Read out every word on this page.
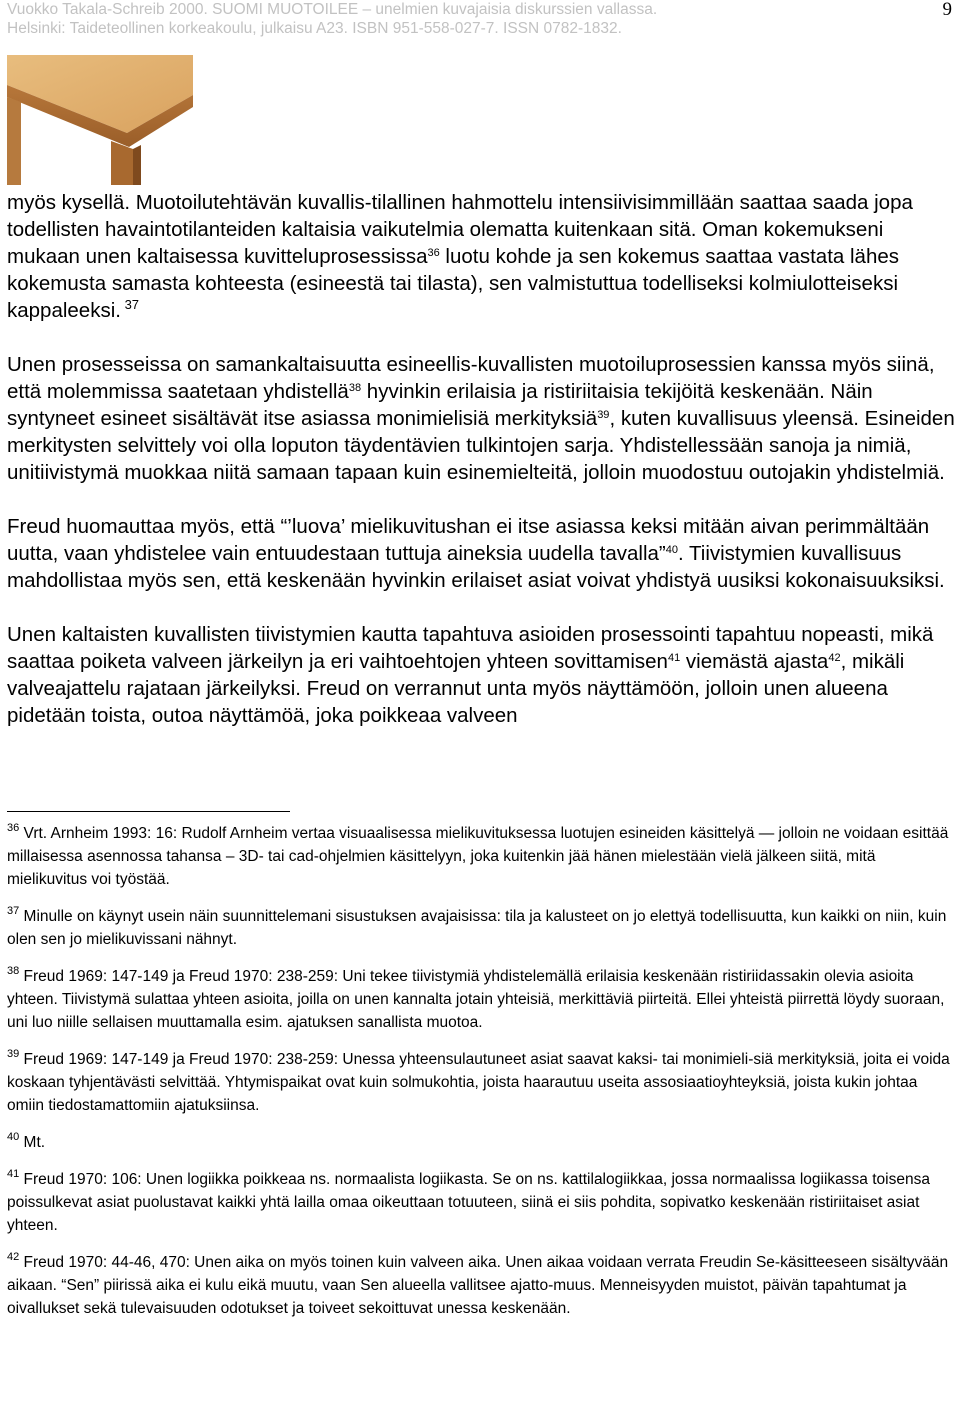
Vuokko Takala-Schreib 2000. SUOMI MUOTOILEE – unelmien kuvajaisia diskurssien vallassa.
Helsinki: Taideteollinen korkeakoulu, julkaisu A23. ISBN 951-558-027-7. ISSN 0782-1832.
9

myös kysellä. Muotoilutehtävän kuvallis-tilallinen hahmottelu intensiivisimmillään saattaa saada jopa todellisten havaintotilanteiden kaltaisia vaikutelmia olematta kuitenkaan sitä. Oman kokemukseni mukaan unen kaltaisessa kuvitteluprosessissa$^{36}$ luotu kohde ja sen kokemus saattaa vastata lähes kokemusta samasta kohteesta (esineestä tai tilasta), sen valmistuttua todelliseksi kolmiulotteiseksi kappaleeksi. $^{37}$

Unen prosesseissa on samankaltaisuutta esineellis-kuvallisten muotoiluprosessien kanssa myös siinä, että molemmissa saatetaan yhdistellä$^{38}$ hyvinkin erilaisia ja ristiriitaisia tekijöitä keskenään. Näin syntyneet esineet sisältävät itse asiassa monimielisiä merkityksiä$^{39}$, kuten kuvallisuus yleensä. Esineiden merkitysten selvittely voi olla loputon täydentävien tulkintojen sarja. Yhdistellessään sanoja ja nimiä, unitiivistymä muokkaa niitä samaan tapaan kuin esinemielteitä, jolloin muodostuu outojakin yhdistelmiä.

Freud huomauttaa myös, että “’luova’ mielikuvitushan ei itse asiassa keksi mitään aivan perimmältään uutta, vaan yhdistelee vain entuudestaan tuttuja aineksia uudella tavalla”$^{40}$. Tiivistymien kuvallisuus mahdollistaa myös sen, että keskenään hyvinkin erilaiset asiat voivat yhdistyä uusiksi kokonaisuuksiksi.

Unen kaltaisten kuvallisten tiivistymien kautta tapahtuva asioiden prosessointi tapahtuu nopeasti, mikä saattaa poiketa valveen järkeilyn ja eri vaihtoehtojen yhteen sovittamisen$^{41}$ viemästä ajasta$^{42}$, mikäli valveajattelu rajataan järkeilyksi. Freud on verrannut unta myös näyttämöön, jolloin unen alueena pidetään toista, outoa näyttämöä, joka poikkeaa valveen

$^{36}$ Vrt. Arnheim 1993: 16: Rudolf Arnheim vertaa visuaalisessa mielikuvituksessa luotujen esineiden käsittelyä — jolloin ne voidaan esittää millaisessa asennossa tahansa – 3D- tai cad-ohjelmien käsittelyyn, joka kuitenkin jää hänen mielestään vielä jälkeen siitä, mitä mielikuvitus voi työstää.

$^{37}$ Minulle on käynyt usein näin suunnittelemani sisustuksen avajaisissa: tila ja kalusteet on jo elettyä todellisuutta, kun kaikki on niin, kuin olen sen jo mielikuvissani nähnyt.

$^{38}$ Freud 1969: 147-149 ja Freud 1970: 238-259: Uni tekee tiivistymiä yhdistelemällä erilaisia keskenään ristiriidassakin olevia asioita yhteen. Tiivistymä sulattaa yhteen asioita, joilla on unen kannalta jotain yhteisiä, merkittäviä piirteitä. Ellei yhteistä piirrettä löydy suoraan, uni luo niille sellaisen muuttamalla esim. ajatuksen sanallista muotoa.

$^{39}$ Freud 1969: 147-149 ja Freud 1970: 238-259: Unessa yhteensulautuneet asiat saavat kaksi- tai monimieli-siä merkityksiä, joita ei voida koskaan tyhjentävästi selvittää. Yhtymispaikat ovat kuin solmukohtia, joista haarautuu useita assosiaatioyhteyksiä, joista kukin johtaa omiin tiedostamattomiin ajatuksiinsa.

$^{40}$ Mt.

$^{41}$ Freud 1970: 106: Unen logiikka poikkeaa ns. normaalista logiikasta. Se on ns. kattilalogiikkaa, jossa normaalissa logiikassa toisensa poissulkevat asiat puolustavat kaikki yhtä lailla omaa oikeuttaan totuuteen, siinä ei siis pohdita, sopivatko keskenään ristiriitaiset asiat yhteen.

$^{42}$ Freud 1970: 44-46, 470: Unen aika on myös toinen kuin valveen aika. Unen aikaa voidaan verrata Freudin Se-käsitteeseen sisältyvään aikaan. “Sen” piirissä aika ei kulu eikä muutu, vaan Sen alueella vallitsee ajatto-muus. Menneisyyden muistot, päivän tapahtumat ja oivallukset sekä tulevaisuuden odotukset ja toiveet sekoittuvat unessa keskenään.
